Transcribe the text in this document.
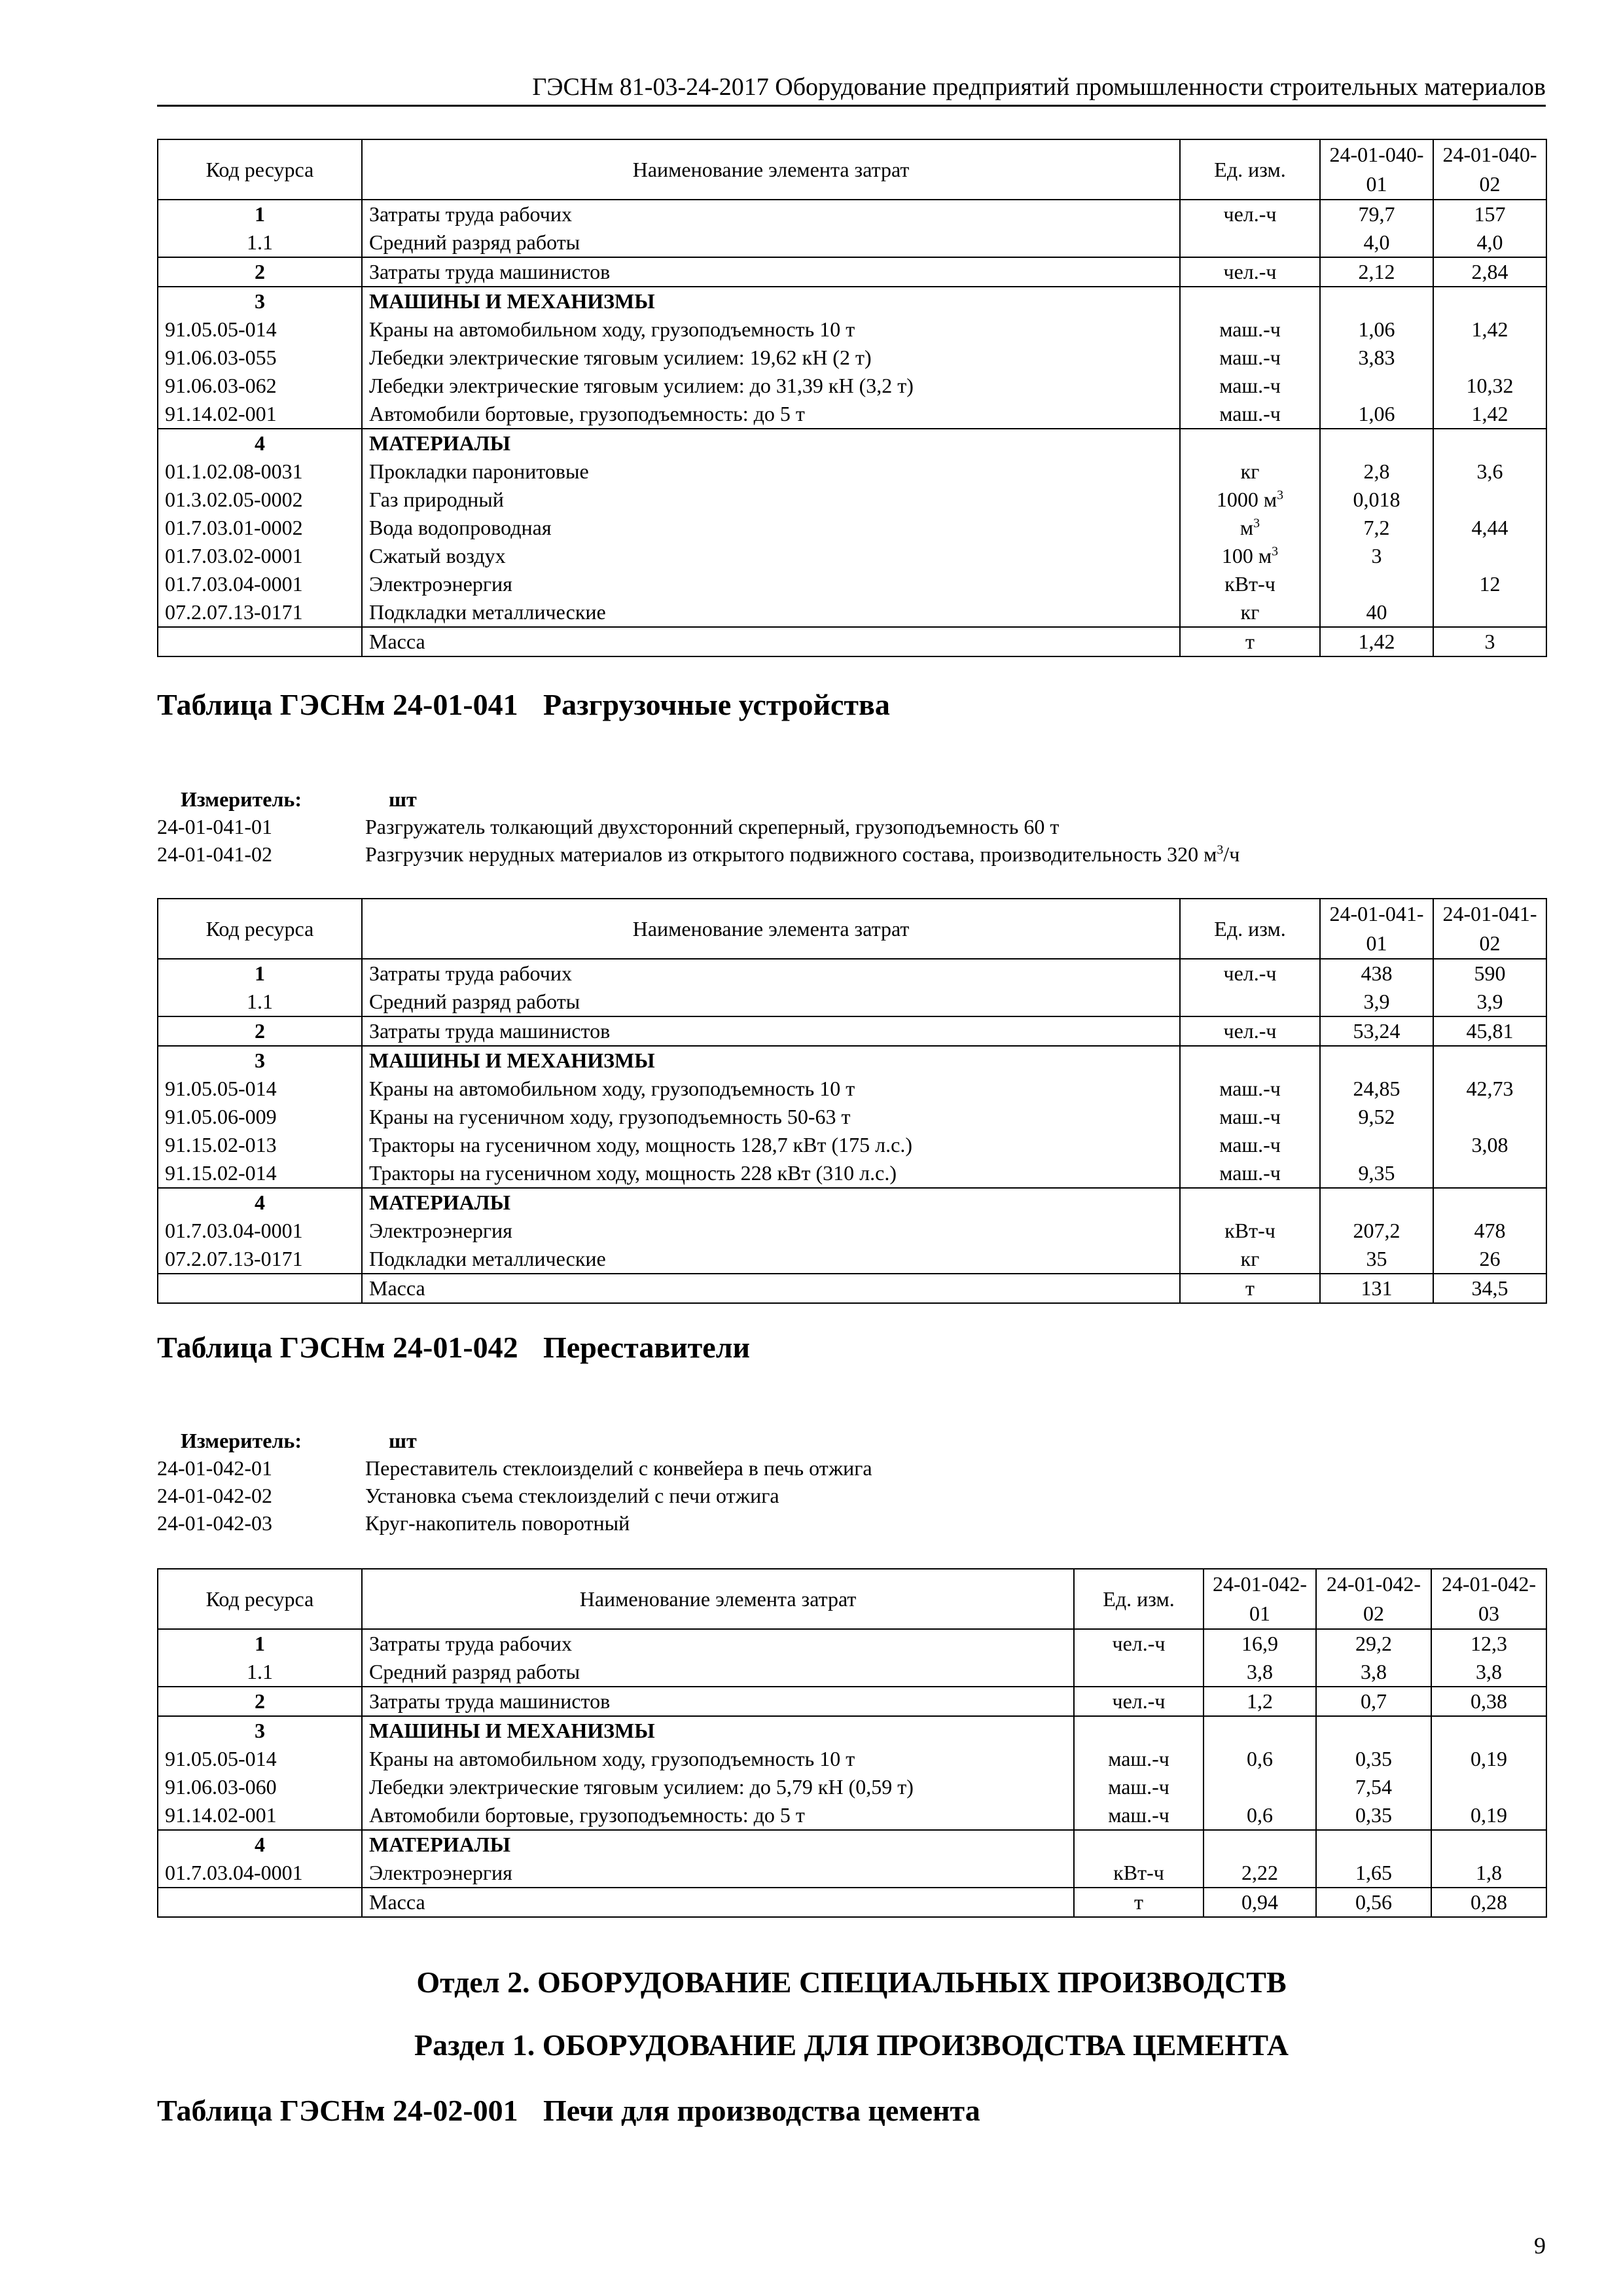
ГЭСНм 81-03-24-2017 Оборудование предприятий промышленности строительных материалов
Код ресурса	Наименование элемента затрат	Ед. изм.	24-01-040-01	24-01-040-02
1	Затраты труда рабочих	чел.-ч	79,7	157
1.1	Средний разряд работы		4,0	4,0
2	Затраты труда машинистов	чел.-ч	2,12	2,84
3	МАШИНЫ И МЕХАНИЗМЫ			
91.05.05-014	Краны на автомобильном ходу, грузоподъемность 10 т	маш.-ч	1,06	1,42
91.06.03-055	Лебедки электрические тяговым усилием: 19,62 кН (2 т)	маш.-ч	3,83	
91.06.03-062	Лебедки электрические тяговым усилием: до 31,39 кН (3,2 т)	маш.-ч		10,32
91.14.02-001	Автомобили бортовые, грузоподъемность: до 5 т	маш.-ч	1,06	1,42
4	МАТЕРИАЛЫ			
01.1.02.08-0031	Прокладки паронитовые	кг	2,8	3,6
01.3.02.05-0002	Газ природный	1000 $м^3$	0,018	
01.7.03.01-0002	Вода водопроводная	$м^3$	7,2	4,44
01.7.03.02-0001	Сжатый воздух	100 $м^3$	3	
01.7.03.04-0001	Электроэнергия	кВт-ч		12
07.2.07.13-0171	Подкладки металлические	кг	40	
	Масса	т	1,42	3
Таблица ГЭСНм 24-01-041 Разгрузочные устройства
Измеритель:	шт
24-01-041-01	Разгружатель толкающий двухсторонний скреперный, грузоподъемность 60 т
24-01-041-02	Разгрузчик нерудных материалов из открытого подвижного состава, производительность 320 $м^3/ч$
Код ресурса	Наименование элемента затрат	Ед. изм.	24-01-041-01	24-01-041-02
1	Затраты труда рабочих	чел.-ч	438	590
1.1	Средний разряд работы		3,9	3,9
2	Затраты труда машинистов	чел.-ч	53,24	45,81
3	МАШИНЫ И МЕХАНИЗМЫ			
91.05.05-014	Краны на автомобильном ходу, грузоподъемность 10 т	маш.-ч	24,85	42,73
91.05.06-009	Краны на гусеничном ходу, грузоподъемность 50-63 т	маш.-ч	9,52	
91.15.02-013	Тракторы на гусеничном ходу, мощность 128,7 кВт (175 л.с.)	маш.-ч		3,08
91.15.02-014	Тракторы на гусеничном ходу, мощность 228 кВт (310 л.с.)	маш.-ч	9,35	
4	МАТЕРИАЛЫ			
01.7.03.04-0001	Электроэнергия	кВт-ч	207,2	478
07.2.07.13-0171	Подкладки металлические	кг	35	26
	Масса	т	131	34,5
Таблица ГЭСНм 24-01-042 Переставители
Измеритель:	шт
24-01-042-01	Переставитель стеклоизделий с конвейера в печь отжига
24-01-042-02	Установка съема стеклоизделий с печи отжига
24-01-042-03	Круг-накопитель поворотный
Код ресурса	Наименование элемента затрат	Ед. изм.	24-01-042-01	24-01-042-02	24-01-042-03
1	Затраты труда рабочих	чел.-ч	16,9	29,2	12,3
1.1	Средний разряд работы		3,8	3,8	3,8
2	Затраты труда машинистов	чел.-ч	1,2	0,7	0,38
3	МАШИНЫ И МЕХАНИЗМЫ				
91.05.05-014	Краны на автомобильном ходу, грузоподъемность 10 т	маш.-ч	0,6	0,35	0,19
91.06.03-060	Лебедки электрические тяговым усилием: до 5,79 кН (0,59 т)	маш.-ч		7,54	
91.14.02-001	Автомобили бортовые, грузоподъемность: до 5 т	маш.-ч	0,6	0,35	0,19
4	МАТЕРИАЛЫ				
01.7.03.04-0001	Электроэнергия	кВт-ч	2,22	1,65	1,8
	Масса	т	0,94	0,56	0,28
Отдел 2. ОБОРУДОВАНИЕ СПЕЦИАЛЬНЫХ ПРОИЗВОДСТВ
Раздел 1. ОБОРУДОВАНИЕ ДЛЯ ПРОИЗВОДСТВА ЦЕМЕНТА
Таблица ГЭСНм 24-02-001 Печи для производства цемента
9
